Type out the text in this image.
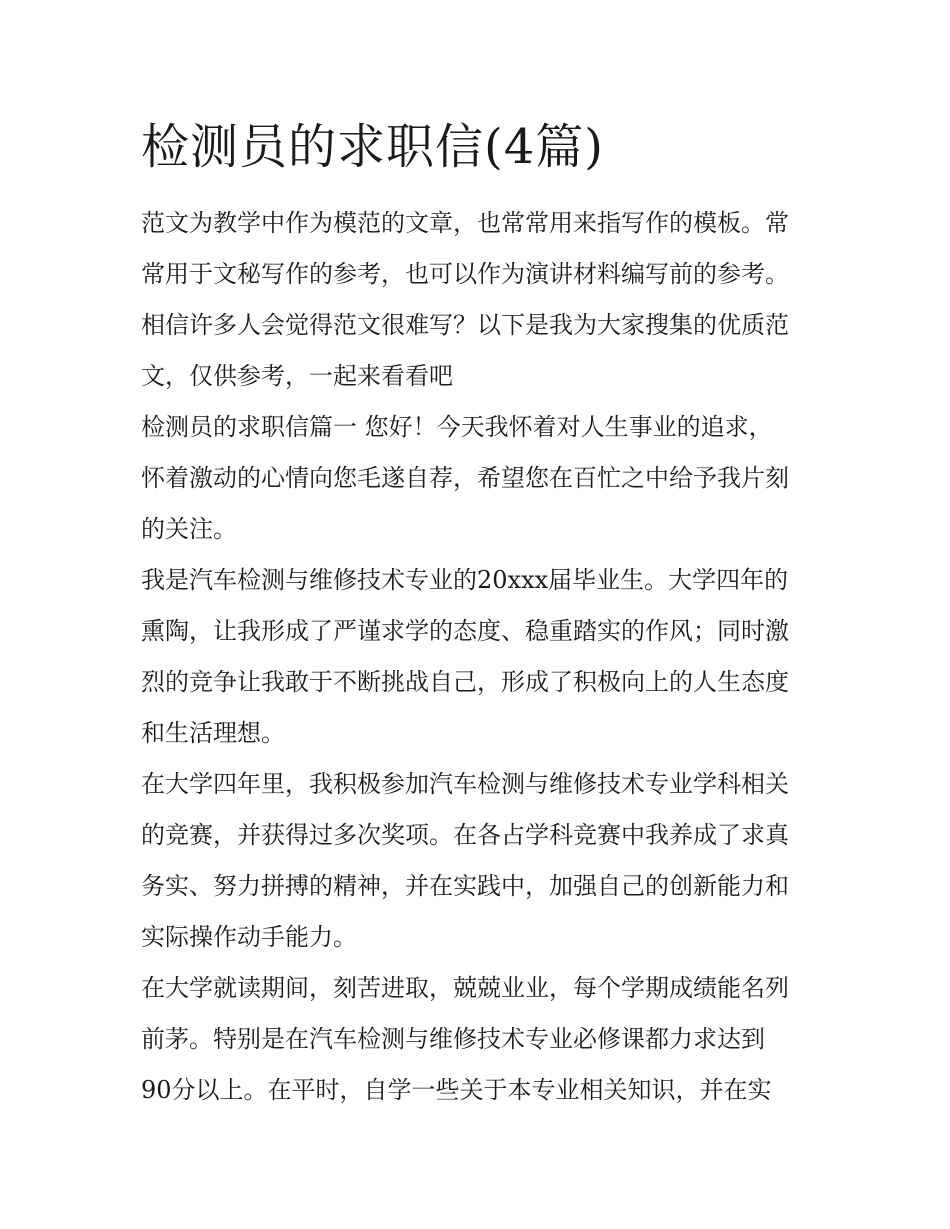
检测员的求职信(4篇)

范文为教学中作为模范的文章，也常常用来指写作的模板。常
常用于文秘写作的参考，也可以作为演讲材料编写前的参考。
相信许多人会觉得范文很难写？以下是我为大家搜集的优质范
文，仅供参考，一起来看看吧

检测员的求职信篇一 您好！今天我怀着对人生事业的追求，
怀着激动的心情向您毛遂自荐，希望您在百忙之中给予我片刻
的关注。

我是汽车检测与维修技术专业的20xxx届毕业生。大学四年的
熏陶，让我形成了严谨求学的态度、稳重踏实的作风；同时激
烈的竞争让我敢于不断挑战自己，形成了积极向上的人生态度
和生活理想。

在大学四年里，我积极参加汽车检测与维修技术专业学科相关
的竞赛，并获得过多次奖项。在各占学科竞赛中我养成了求真
务实、努力拼搏的精神，并在实践中，加强自己的创新能力和
实际操作动手能力。

在大学就读期间，刻苦进取，兢兢业业，每个学期成绩能名列
前茅。特别是在汽车检测与维修技术专业必修课都力求达到
90分以上。在平时，自学一些关于本专业相关知识，并在实
